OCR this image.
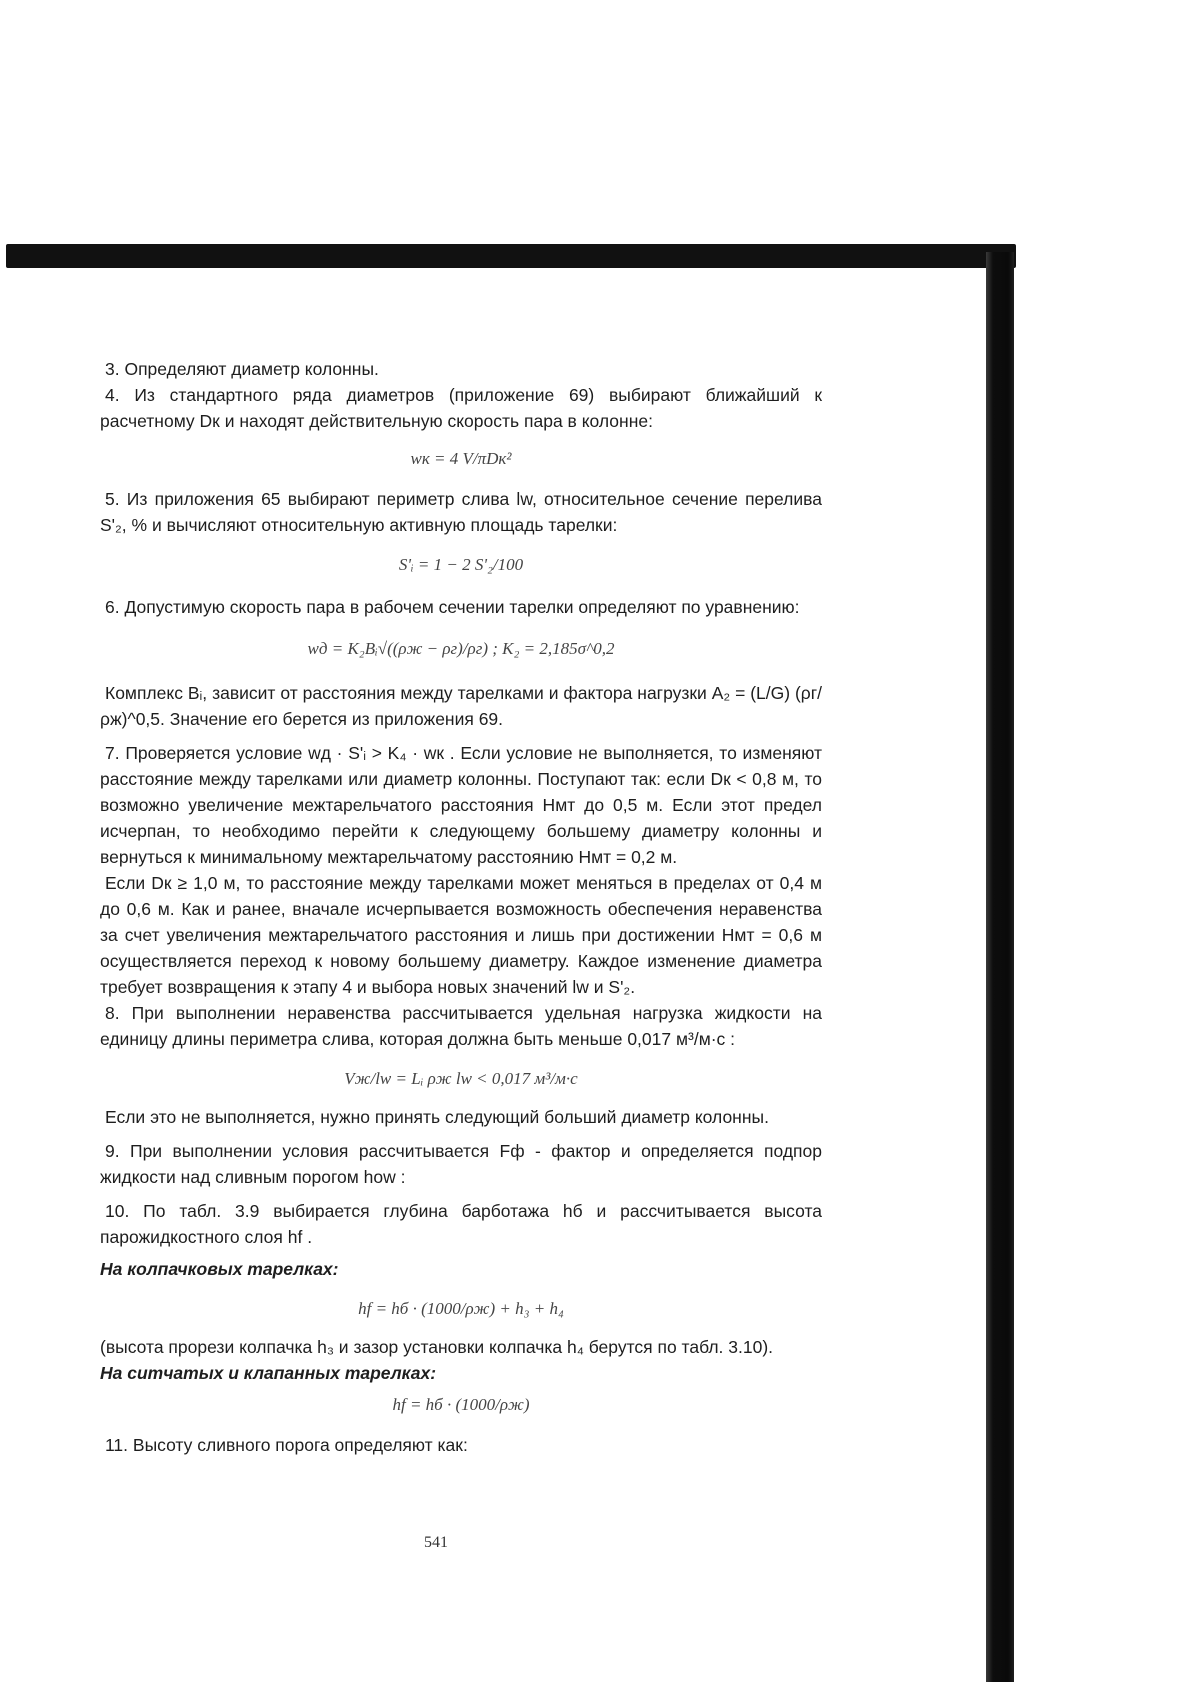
3. Определяют диаметр колонны.

4. Из стандартного ряда диаметров (приложение 69) выбирают ближайший к расчетному Dк и находят действительную скорость пара в колонне:

wк = 4 V/πDк²

5. Из приложения 65 выбирают периметр слива lw, относительное сечение перелива S'₂, % и вычисляют относительную активную площадь тарелки:

S'ᵢ = 1 − 2 S'₂/100

6. Допустимую скорость пара в рабочем сечении тарелки определяют по уравнению:

wд = K₂Bᵢ√((ρж − ρг)/ρг) ; K₂ = 2,185σ^0,2

Комплекс Bᵢ, зависит от расстояния между тарелками и фактора нагрузки A₂ = (L/G) (ρг/ρж)^0,5. Значение его берется из приложения 69.

7. Проверяется условие wд · S'ᵢ > K₄ · wк . Если условие не выполняется, то изменяют расстояние между тарелками или диаметр колонны. Поступают так: если Dк < 0,8 м, то возможно увеличение межтарельчатого расстояния Hмт до 0,5 м. Если этот предел исчерпан, то необходимо перейти к следующему большему диаметру колонны и вернуться к минимальному межтарельчатому расстоянию Hмт = 0,2 м.

Если Dк ≥ 1,0 м, то расстояние между тарелками может меняться в пределах от 0,4 м до 0,6 м. Как и ранее, вначале исчерпывается возможность обеспечения неравенства за счет увеличения межтарельчатого расстояния и лишь при достижении Hмт = 0,6 м осуществляется переход к новому большему диаметру. Каждое изменение диаметра требует возвращения к этапу 4 и выбора новых значений lw и S'₂.

8. При выполнении неравенства рассчитывается удельная нагрузка жидкости на единицу длины периметра слива, которая должна быть меньше 0,017 м³/м·с :

Vж/lw = Lᵢ ρж lw < 0,017 м³/м·с

Если это не выполняется, нужно принять следующий больший диаметр колонны.

9. При выполнении условия рассчитывается Fф - фактор и определяется подпор жидкости над сливным порогом hоw :

10. По табл. 3.9 выбирается глубина барботажа hб и рассчитывается высота парожидкостного слоя hf .

На колпачковых тарелках:

hf = hб · (1000/ρж) + h₃ + h₄

(высота прорези колпачка h₃ и зазор установки колпачка h₄ берутся по табл. 3.10).

На ситчатых и клапанных тарелках:

hf = hб · (1000/ρж)

11. Высоту сливного порога определяют как:

541
